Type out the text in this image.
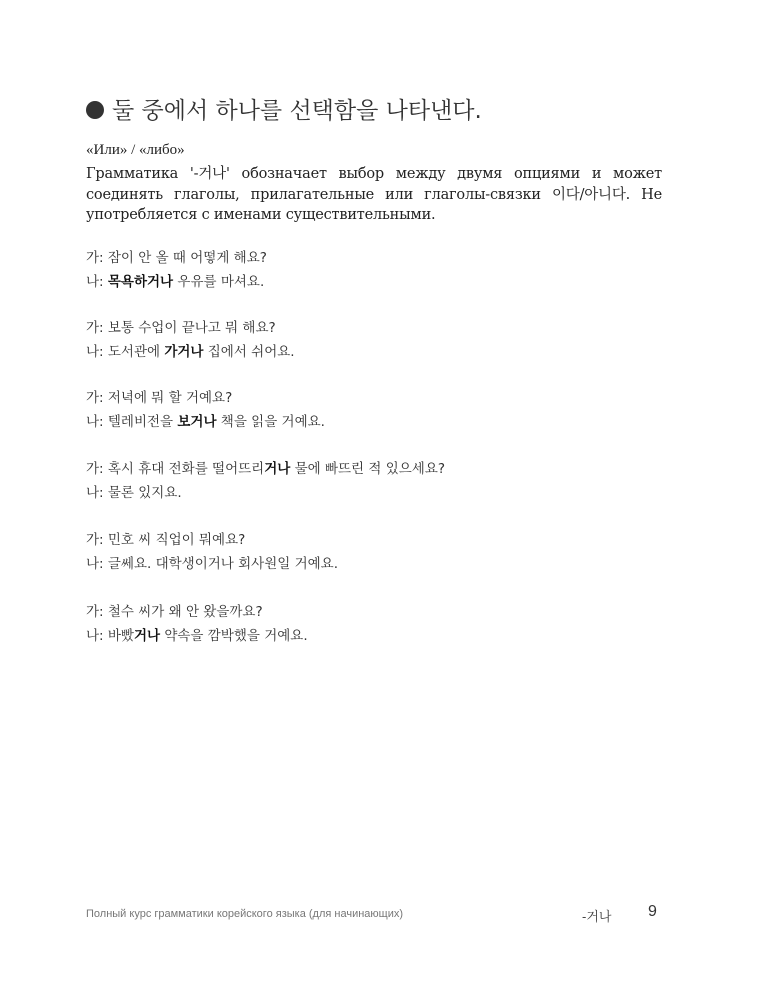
둘 중에서 하나를 선택함을 나타낸다.
«Или» / «либо»
Грамматика '-거나' обозначает выбор между двумя опциями и может соединять глаголы, прилагательные или глаголы-связки 이다/아니다. Не употребляется с именами существительными.
가: 잠이 안 올 때 어떻게 해요?
나: 목욕하거나 우유를 마셔요.
가: 보통 수업이 끝나고 뭐 해요?
나: 도서관에 가거나 집에서 쉬어요.
가: 저녁에 뭐 할 거예요?
나: 텔레비전을 보거나 책을 읽을 거예요.
가: 혹시 휴대 전화를 떨어뜨리거나 물에 빠뜨린 적 있으세요?
나: 물론 있지요.
가: 민호 씨 직업이 뭐예요?
나: 글쎄요. 대학생이거나 회사원일 거예요.
가: 철수 씨가 왜 안 왔을까요?
나: 바빴거나 약속을 깜박했을 거예요.
Полный курс грамматики корейского языка (для начинающих)	-거나 9
